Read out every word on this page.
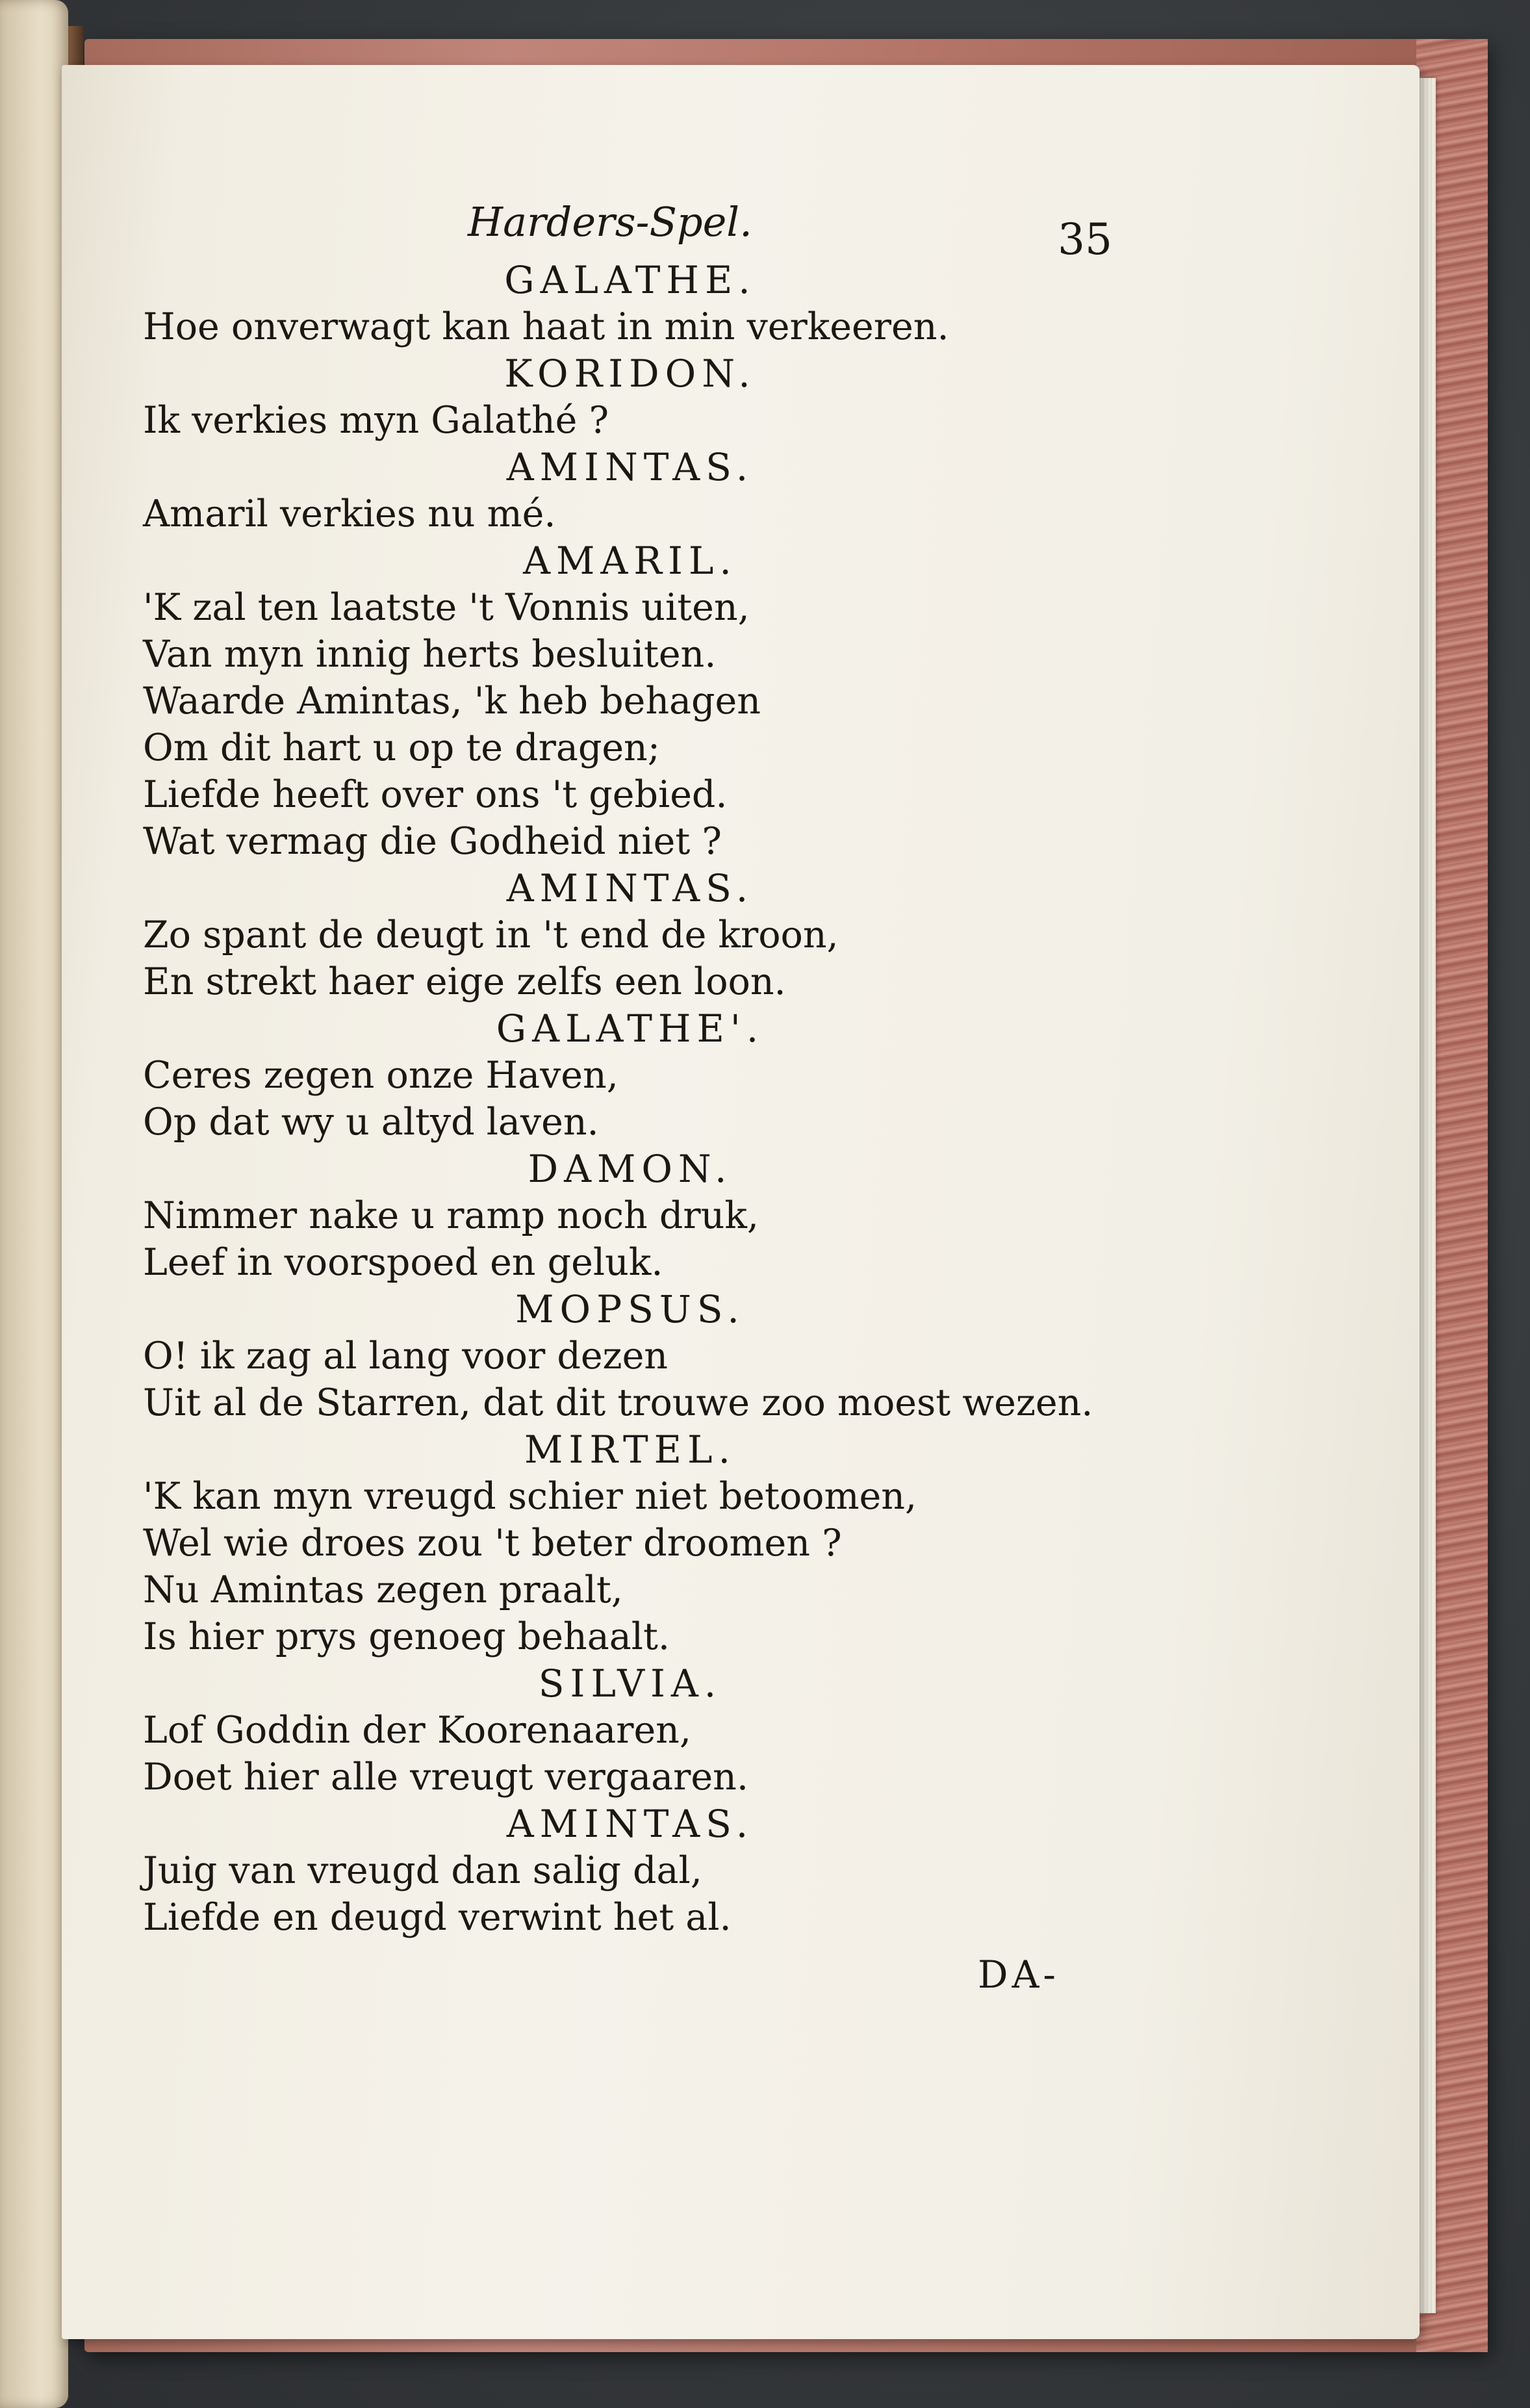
Harders-Spel.	35
GALATHE.
Hoe onverwagt kan haat in min verkeeren.
KORIDON.
Ik verkies myn Galathé ?
AMINTAS.
Amaril verkies nu mé.
AMARIL.
'K zal ten laatste 't Vonnis uiten,
Van myn innig herts besluiten.
Waarde Amintas, 'k heb behagen
Om dit hart u op te dragen;
Liefde heeft over ons 't gebied.
Wat vermag die Godheid niet ?
AMINTAS.
Zo spant de deugt in 't end de kroon,
En strekt haer eige zelfs een loon.
GALATHE'.
Ceres zegen onze Haven,
Op dat wy u altyd laven.
DAMON.
Nimmer nake u ramp noch druk,
Leef in voorspoed en geluk.
MOPSUS.
O! ik zag al lang voor dezen
Uit al de Starren, dat dit trouwe zoo moest wezen.
MIRTEL.
'K kan myn vreugd schier niet betoomen,
Wel wie droes zou 't beter droomen ?
Nu Amintas zegen praalt,
Is hier prys genoeg behaalt.
SILVIA.
Lof Goddin der Koorenaaren,
Doet hier alle vreugt vergaaren.
AMINTAS.
Juig van vreugd dan salig dal,
Liefde en deugd verwint het al.
DA-
